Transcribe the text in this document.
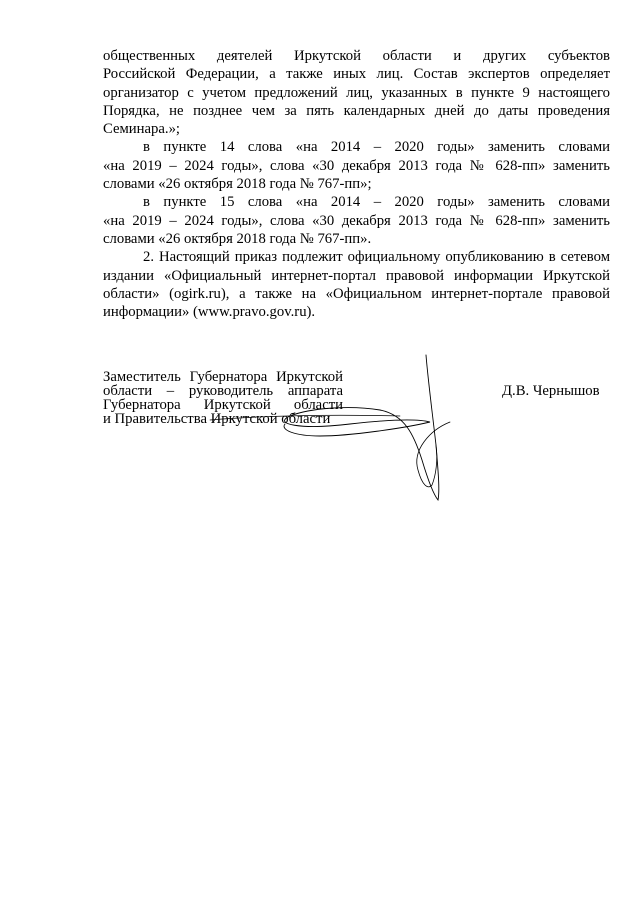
общественных деятелей Иркутской области и других субъектов
Российской Федерации, а также иных лиц. Состав экспертов определяет
организатор с учетом предложений лиц, указанных в пункте 9 настоящего
Порядка, не позднее чем за пять календарных дней до даты проведения
Семинара.»;
в пункте 14 слова «на 2014 – 2020 годы» заменить словами
«на 2019 – 2024 годы», слова «30 декабря 2013 года № 628-пп» заменить
словами «26 октября 2018 года № 767-пп»;
в пункте 15 слова «на 2014 – 2020 годы» заменить словами
«на 2019 – 2024 годы», слова «30 декабря 2013 года № 628-пп» заменить
словами «26 октября 2018 года № 767-пп».
2. Настоящий приказ подлежит официальному опубликованию в сетевом
издании «Официальный интернет-портал правовой информации Иркутской
области» (ogirk.ru), а также на «Официальном интернет-портале правовой
информации» (www.pravo.gov.ru).
Заместитель Губернатора Иркутской
области – руководитель аппарата
Губернатора Иркутской области
и Правительства Иркутской области
Д.В. Чернышов
